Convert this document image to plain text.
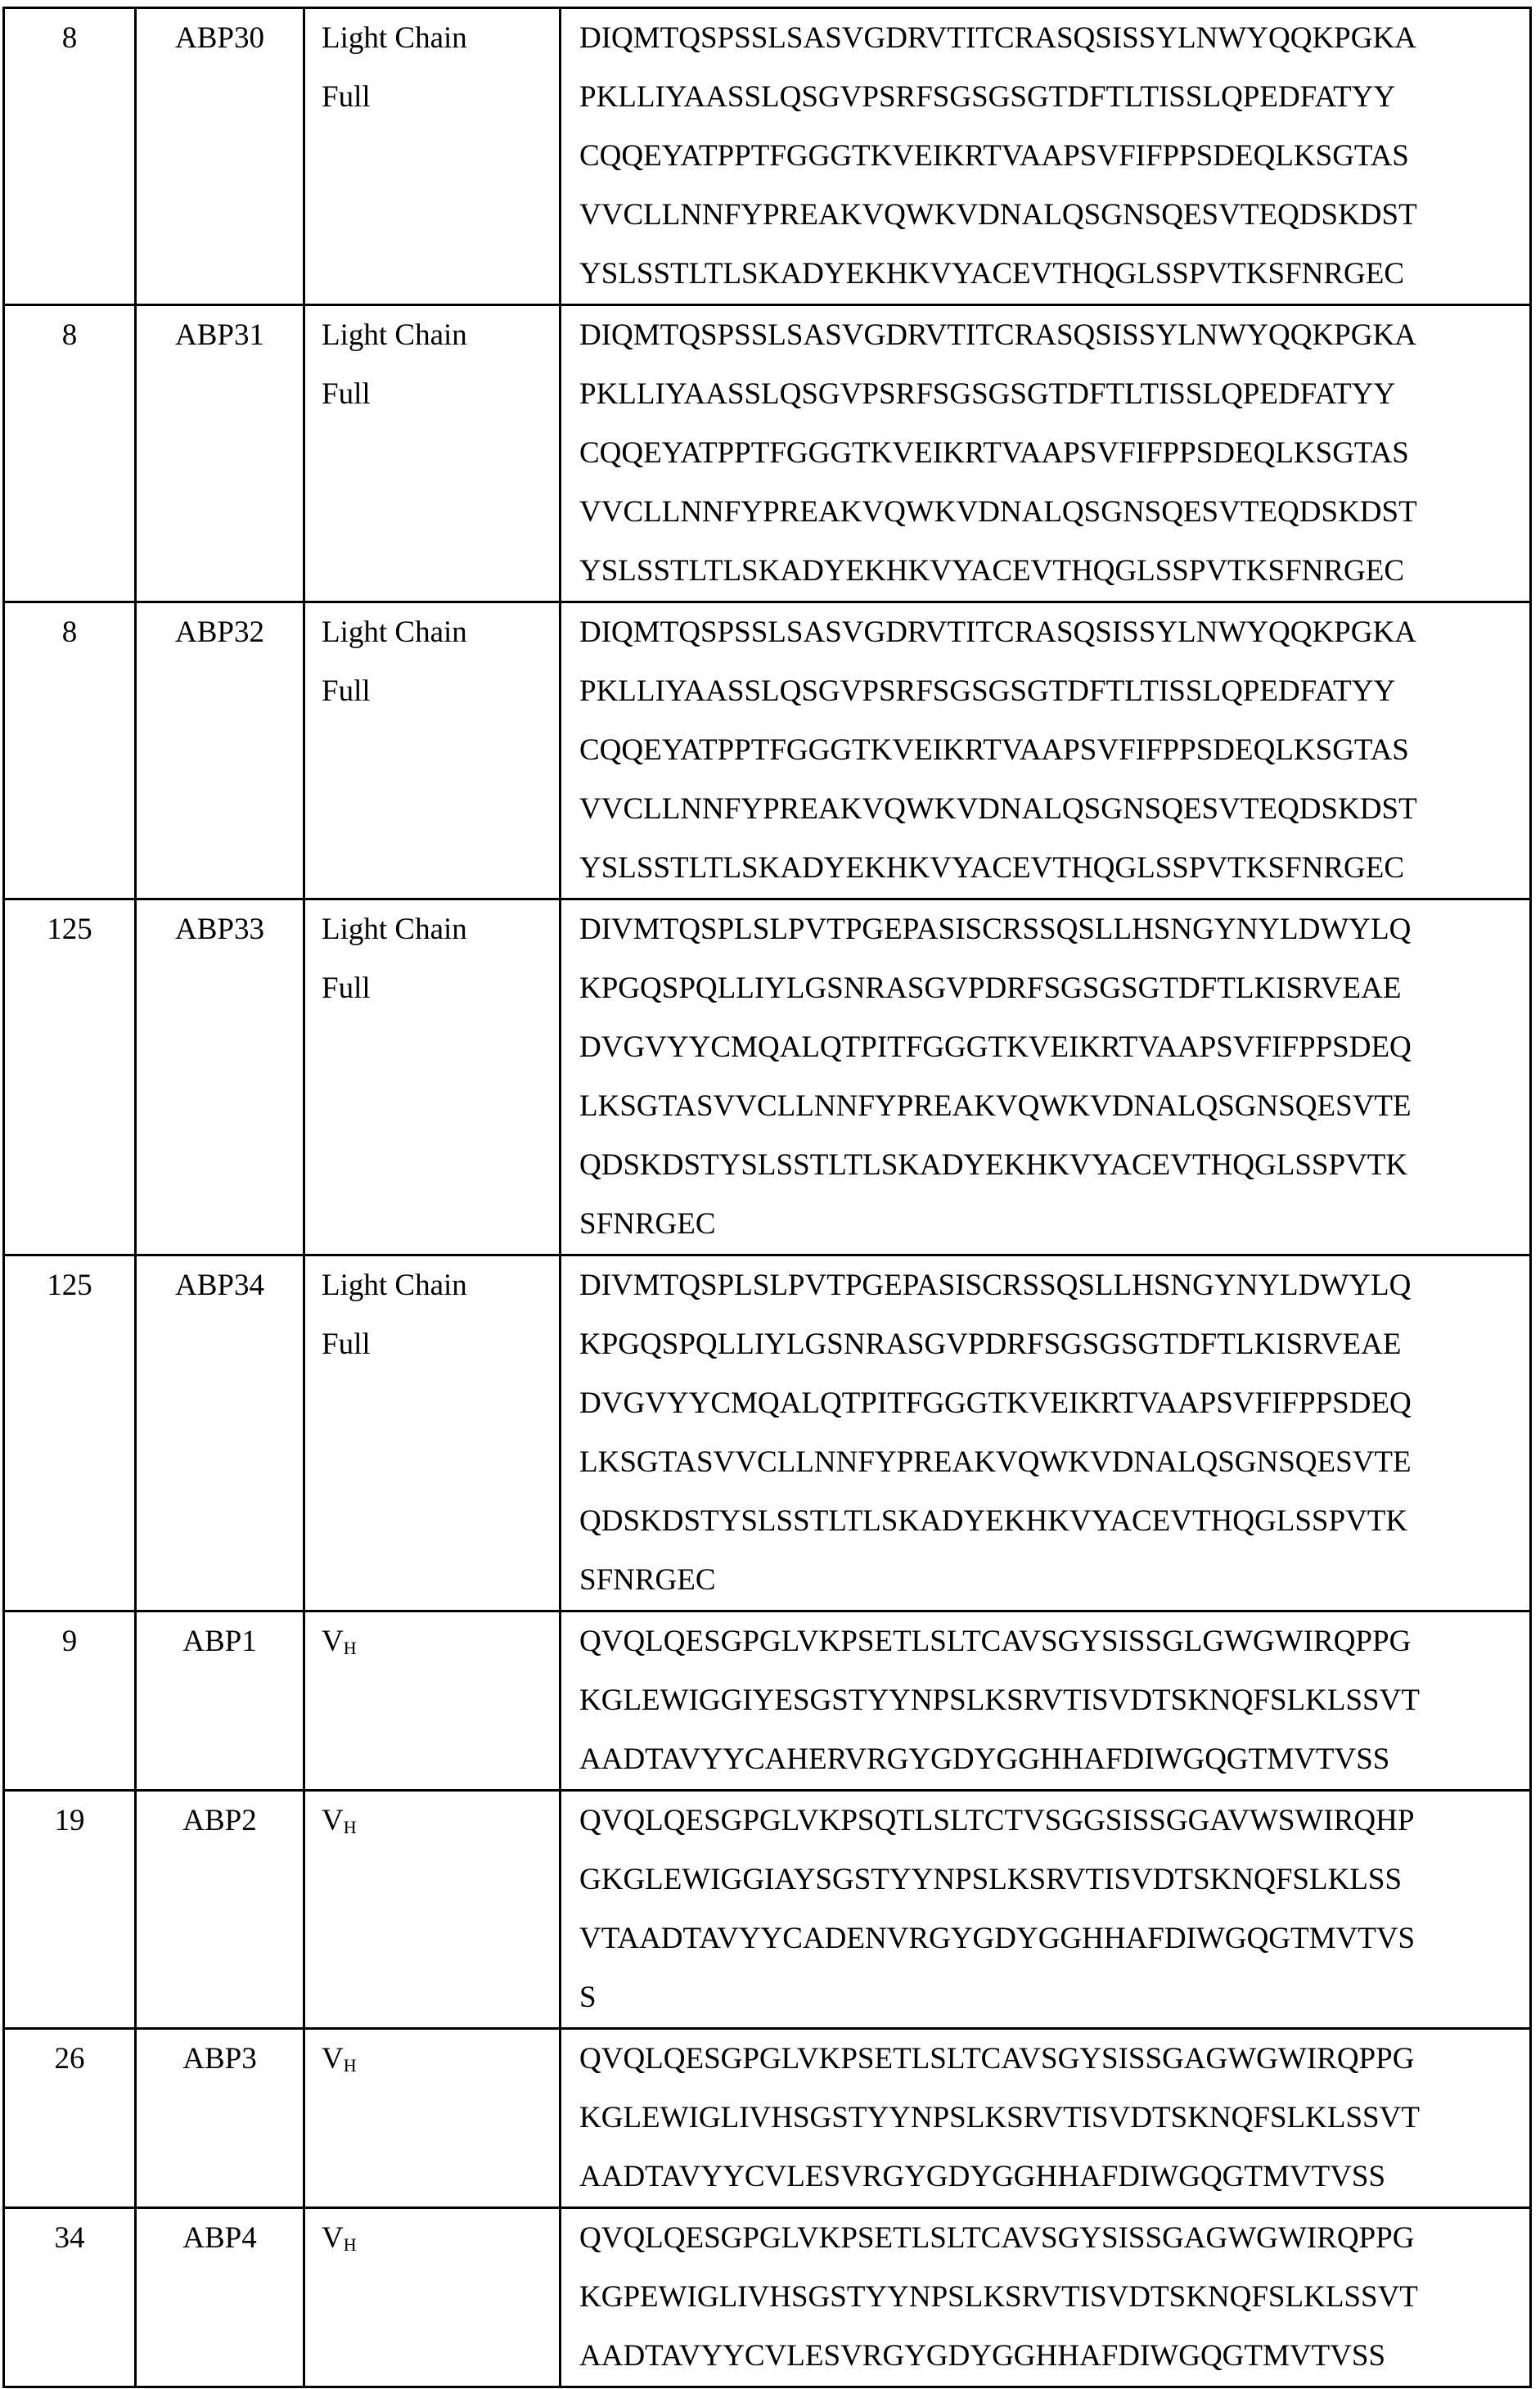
8	ABP30	Light Chain
Full
	DIQMTQSPSSLSASVGDRVTITCRASQSISSYLNWYQQKPGKA
PKLLIYAASSLQSGVPSRFSGSGSGTDFTLTISSLQPEDFATYY
CQQEYATPPTFGGGTKVEIKRTVAAPSVFIFPPSDEQLKSGTAS
VVCLLNNFYPREAKVQWKVDNALQSGNSQESVTEQDSKDST
YSLSSTLTLSKADYEKHKVYACEVTHQGLSSPVTKSFNRGEC
8	ABP31	Light Chain
Full
	DIQMTQSPSSLSASVGDRVTITCRASQSISSYLNWYQQKPGKA
PKLLIYAASSLQSGVPSRFSGSGSGTDFTLTISSLQPEDFATYY
CQQEYATPPTFGGGTKVEIKRTVAAPSVFIFPPSDEQLKSGTAS
VVCLLNNFYPREAKVQWKVDNALQSGNSQESVTEQDSKDST
YSLSSTLTLSKADYEKHKVYACEVTHQGLSSPVTKSFNRGEC
8	ABP32	Light Chain
Full
	DIQMTQSPSSLSASVGDRVTITCRASQSISSYLNWYQQKPGKA
PKLLIYAASSLQSGVPSRFSGSGSGTDFTLTISSLQPEDFATYY
CQQEYATPPTFGGGTKVEIKRTVAAPSVFIFPPSDEQLKSGTAS
VVCLLNNFYPREAKVQWKVDNALQSGNSQESVTEQDSKDST
YSLSSTLTLSKADYEKHKVYACEVTHQGLSSPVTKSFNRGEC
125	ABP33	Light Chain
Full
	DIVMTQSPLSLPVTPGEPASISCRSSQSLLHSNGYNYLDWYLQ
KPGQSPQLLIYLGSNRASGVPDRFSGSGSGTDFTLKISRVEAE
DVGVYYCMQALQTPITFGGGTKVEIKRTVAAPSVFIFPPSDEQ
LKSGTASVVCLLNNFYPREAKVQWKVDNALQSGNSQESVTE
QDSKDSTYSLSSTLTLSKADYEKHKVYACEVTHQGLSSPVTK
SFNRGEC
125	ABP34	Light Chain
Full
	DIVMTQSPLSLPVTPGEPASISCRSSQSLLHSNGYNYLDWYLQ
KPGQSPQLLIYLGSNRASGVPDRFSGSGSGTDFTLKISRVEAE
DVGVYYCMQALQTPITFGGGTKVEIKRTVAAPSVFIFPPSDEQ
LKSGTASVVCLLNNFYPREAKVQWKVDNALQSGNSQESVTE
QDSKDSTYSLSSTLTLSKADYEKHKVYACEVTHQGLSSPVTK
SFNRGEC
9	ABP1	VH	QVQLQESGPGLVKPSETLSLTCAVSGYSISSGLGWGWIRQPPG
KGLEWIGGIYESGSTYYNPSLKSRVTISVDTSKNQFSLKLSSVT
AADTAVYYCAHERVRGYGDYGGHHAFDIWGQGTMVTVSS
19	ABP2	VH	QVQLQESGPGLVKPSQTLSLTCTVSGGSISSGGAVWSWIRQHP
GKGLEWIGGIAYSGSTYYNPSLKSRVTISVDTSKNQFSLKLSS
VTAADTAVYYCADENVRGYGDYGGHHAFDIWGQGTMVTVS
S
26	ABP3	VH	QVQLQESGPGLVKPSETLSLTCAVSGYSISSGAGWGWIRQPPG
KGLEWIGLIVHSGSTYYNPSLKSRVTISVDTSKNQFSLKLSSVT
AADTAVYYCVLESVRGYGDYGGHHAFDIWGQGTMVTVSS
34	ABP4	VH	QVQLQESGPGLVKPSETLSLTCAVSGYSISSGAGWGWIRQPPG
KGPEWIGLIVHSGSTYYNPSLKSRVTISVDTSKNQFSLKLSSVT
AADTAVYYCVLESVRGYGDYGGHHAFDIWGQGTMVTVSS
